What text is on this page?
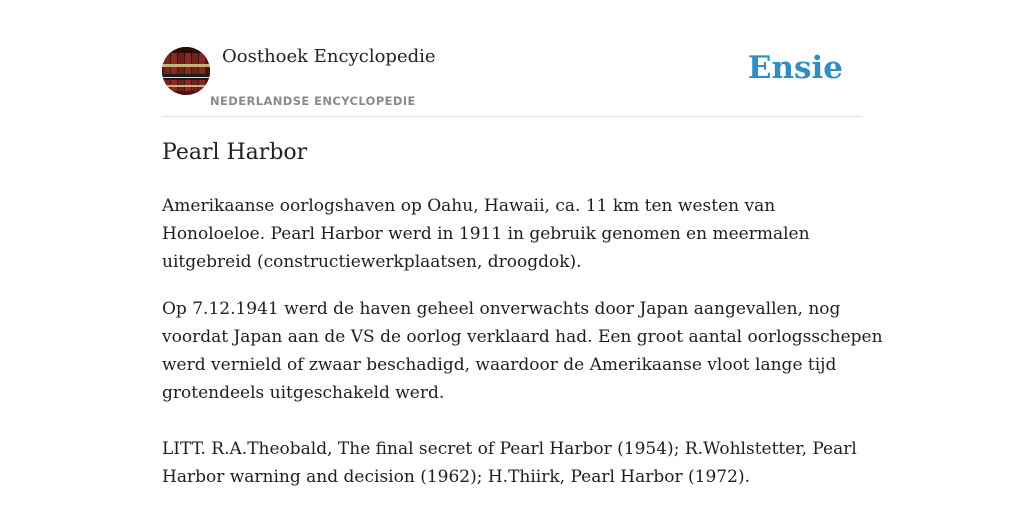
Oosthoek Encyclopedie
NEDERLANDSE ENCYCLOPEDIE
Ensie
Pearl Harbor

Amerikaanse oorlogshaven op Oahu, Hawaii, ca. 11 km ten westen van
Honoloeloe. Pearl Harbor werd in 1911 in gebruik genomen en meermalen
uitgebreid (constructiewerkplaatsen, droogdok).

Op 7.12.1941 werd de haven geheel onverwachts door Japan aangevallen, nog
voordat Japan aan de VS de oorlog verklaard had. Een groot aantal oorlogsschepen
werd vernield of zwaar beschadigd, waardoor de Amerikaanse vloot lange tijd
grotendeels uitgeschakeld werd.

LITT. R.A.Theobald, The final secret of Pearl Harbor (1954); R.Wohlstetter, Pearl
Harbor warning and decision (1962); H.Thiirk, Pearl Harbor (1972).
